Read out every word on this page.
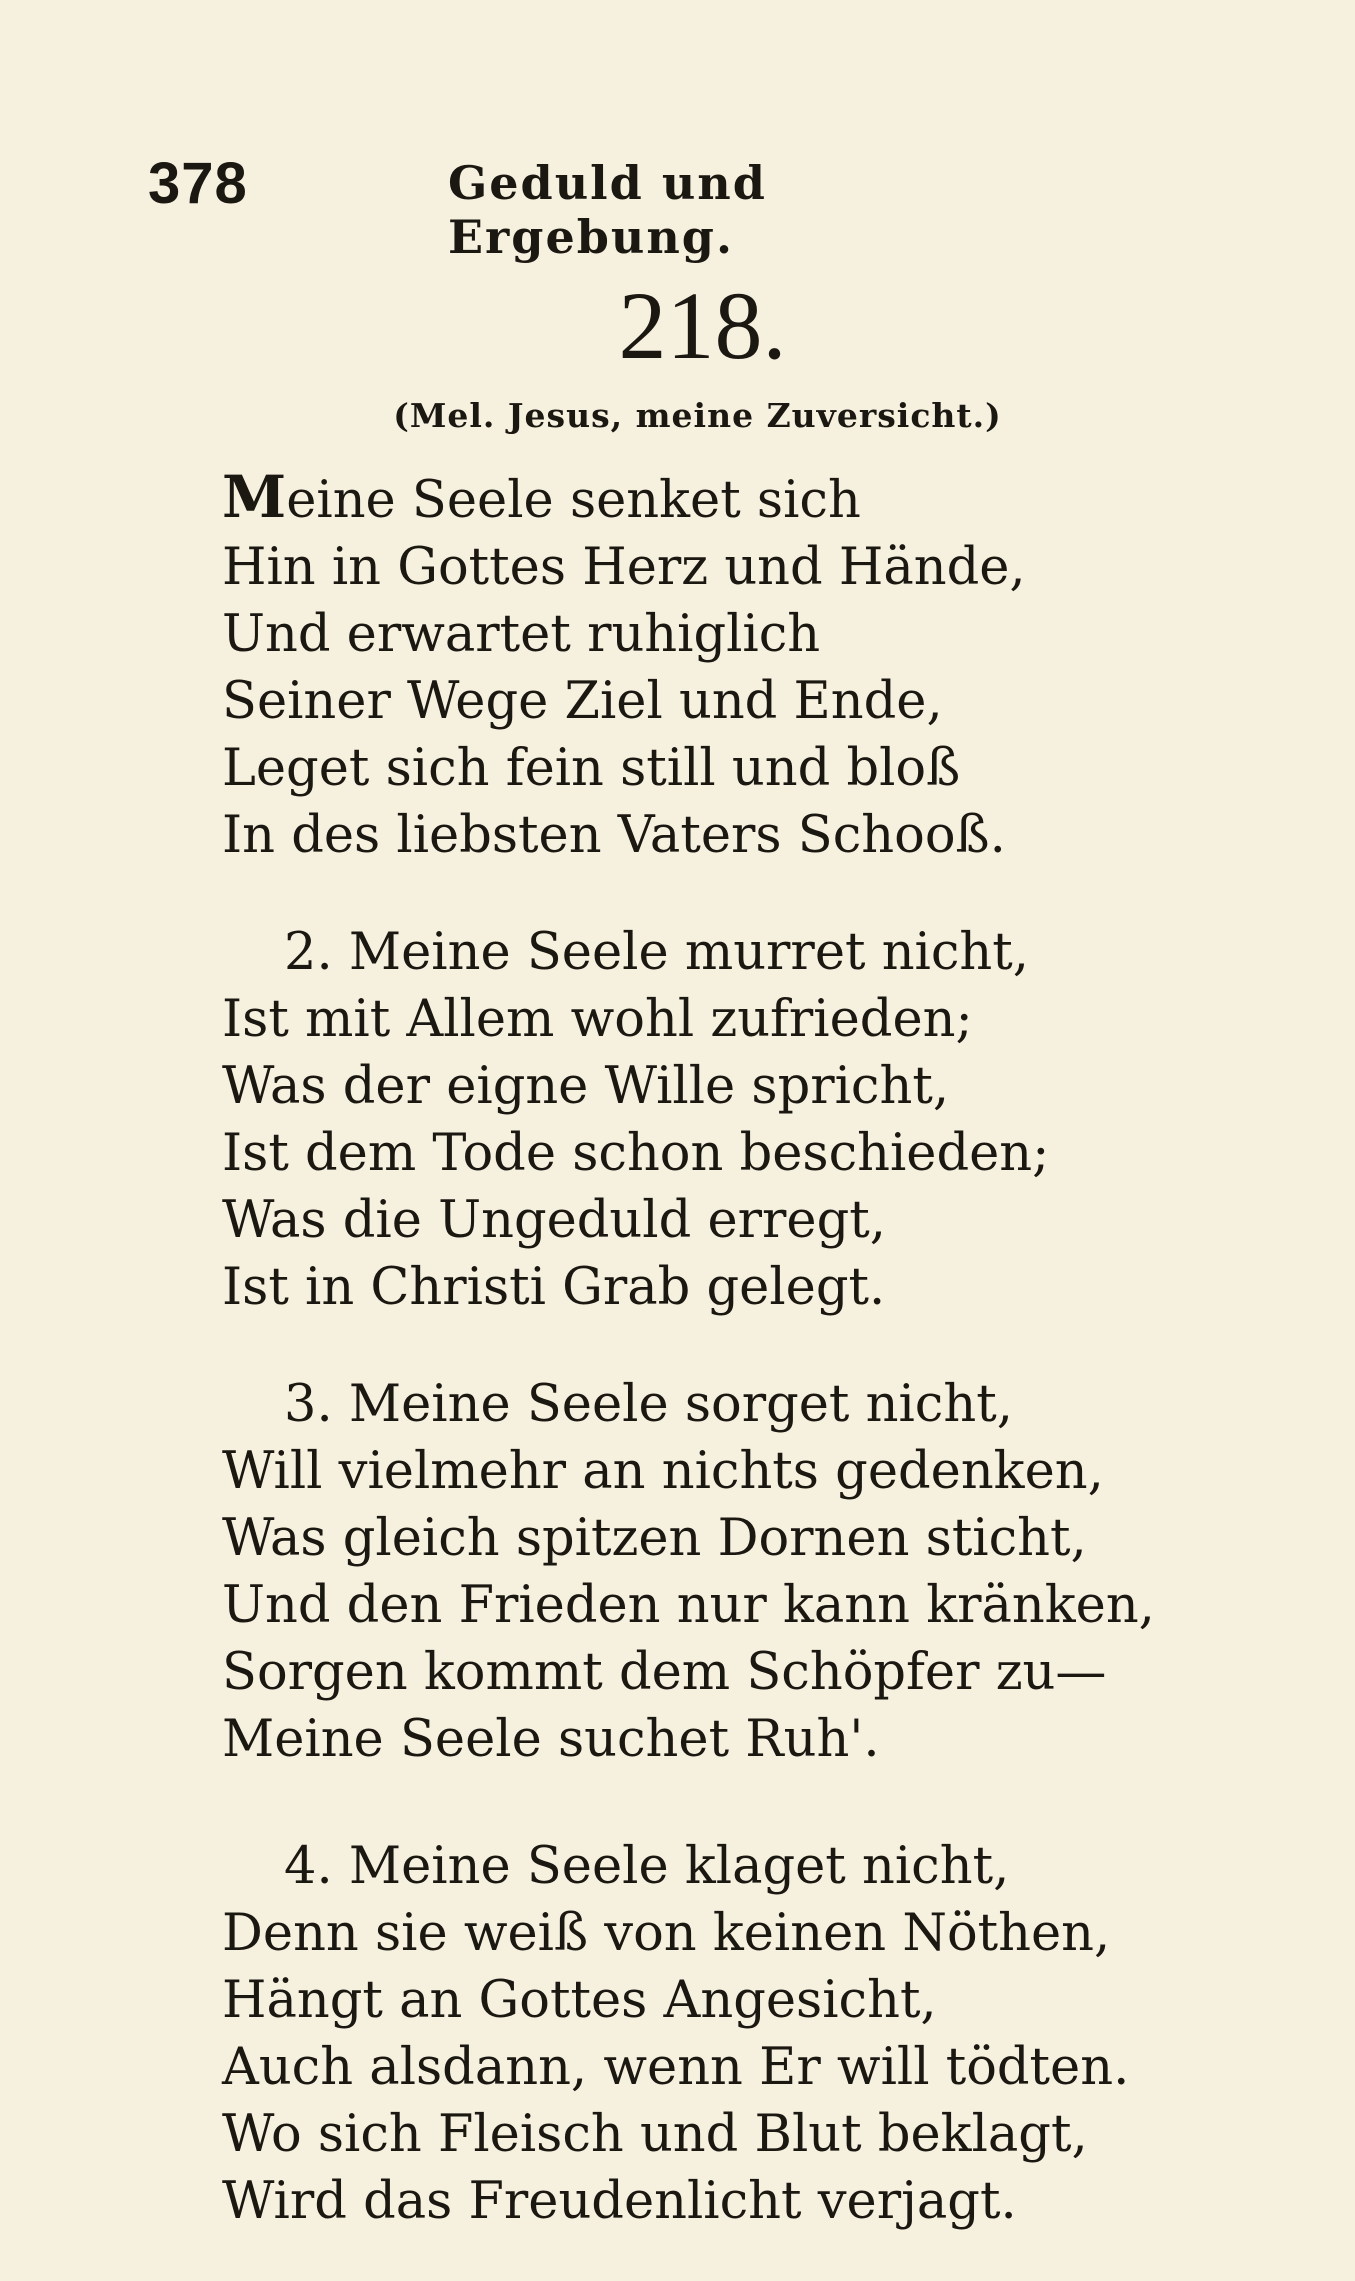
378	Geduld und Ergebung.
218.
(Mel. Jesus, meine Zuversicht.)
Meine Seele senket sich
Hin in Gottes Herz und Hände,
Und erwartet ruhiglich
Seiner Wege Ziel und Ende,
Leget sich fein still und bloß
In des liebsten Vaters Schooß.
2. Meine Seele murret nicht,
Ist mit Allem wohl zufrieden;
Was der eigne Wille spricht,
Ist dem Tode schon beschieden;
Was die Ungeduld erregt,
Ist in Christi Grab gelegt.
3. Meine Seele sorget nicht,
Will vielmehr an nichts gedenken,
Was gleich spitzen Dornen sticht,
Und den Frieden nur kann kränken,
Sorgen kommt dem Schöpfer zu—
Meine Seele suchet Ruh'.
4. Meine Seele klaget nicht,
Denn sie weiß von keinen Nöthen,
Hängt an Gottes Angesicht,
Auch alsdann, wenn Er will tödten.
Wo sich Fleisch und Blut beklagt,
Wird das Freudenlicht verjagt.
